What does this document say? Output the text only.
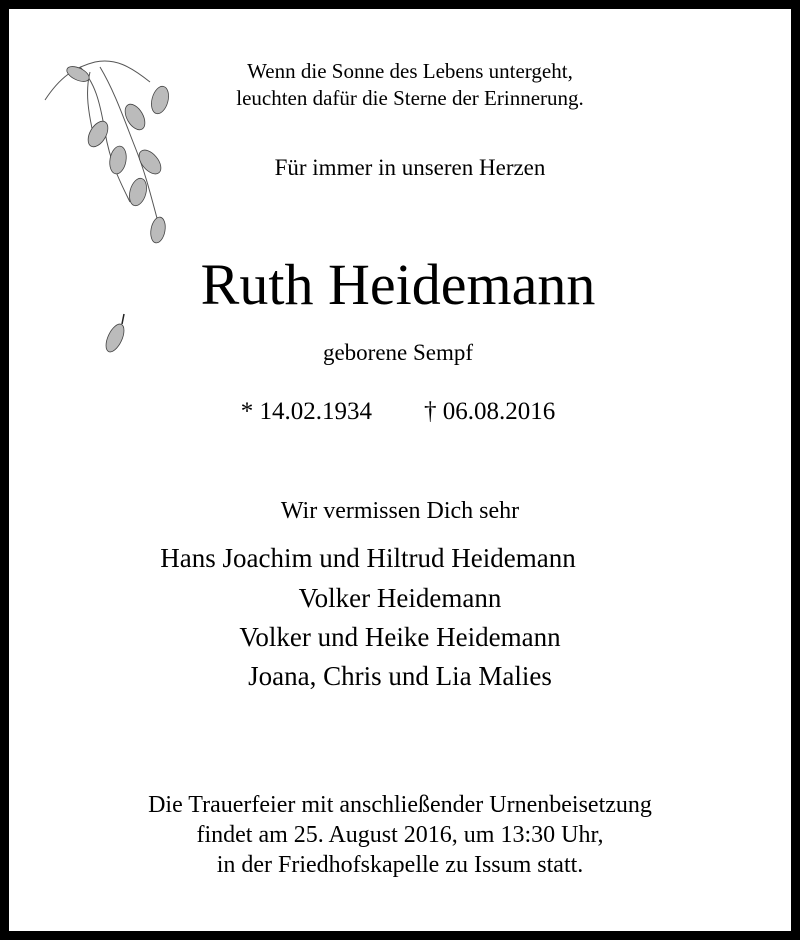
Wenn die Sonne des Lebens untergeht,
leuchten dafür die Sterne der Erinnerung.
Für immer in unseren Herzen
Ruth Heidemann
geborene Sempf
* 14.02.1934 † 06.08.2016
Wir vermissen Dich sehr
Hans Joachim und Hiltrud Heidemann
Volker Heidemann
Volker und Heike Heidemann
Joana, Chris und Lia Malies
Die Trauerfeier mit anschließender Urnenbeisetzung
findet am 25. August 2016, um 13:30 Uhr,
in der Friedhofskapelle zu Issum statt.
